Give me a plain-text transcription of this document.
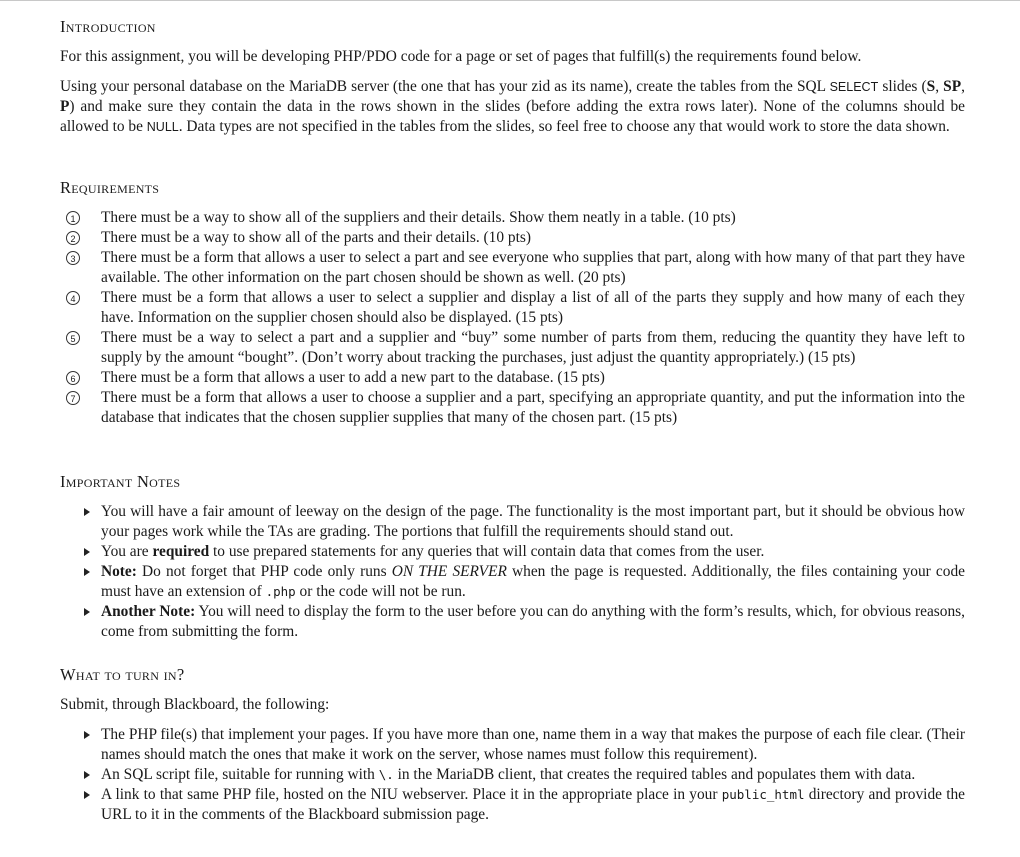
Introduction
For this assignment, you will be developing PHP/PDO code for a page or set of pages that fulfill(s) the requirements found below.
Using your personal database on the MariaDB server (the one that has your zid as its name), create the tables from the SQL SELECT slides (S, SP, P) and make sure they contain the data in the rows shown in the slides (before adding the extra rows later). None of the columns should be allowed to be NULL. Data types are not specified in the tables from the slides, so feel free to choose any that would work to store the data shown.
Requirements
1 There must be a way to show all of the suppliers and their details. Show them neatly in a table. (10 pts)
2 There must be a way to show all of the parts and their details. (10 pts)
3 There must be a form that allows a user to select a part and see everyone who supplies that part, along with how many of that part they have available. The other information on the part chosen should be shown as well. (20 pts)
4 There must be a form that allows a user to select a supplier and display a list of all of the parts they supply and how many of each they have. Information on the supplier chosen should also be displayed. (15 pts)
5 There must be a way to select a part and a supplier and “buy” some number of parts from them, reducing the quantity they have left to supply by the amount “bought”. (Don’t worry about tracking the purchases, just adjust the quantity appropriately.) (15 pts)
6 There must be a form that allows a user to add a new part to the database. (15 pts)
7 There must be a form that allows a user to choose a supplier and a part, specifying an appropriate quantity, and put the information into the database that indicates that the chosen supplier supplies that many of the chosen part. (15 pts)
Important Notes
You will have a fair amount of leeway on the design of the page. The functionality is the most important part, but it should be obvious how your pages work while the TAs are grading. The portions that fulfill the requirements should stand out.
You are required to use prepared statements for any queries that will contain data that comes from the user.
Note: Do not forget that PHP code only runs ON THE SERVER when the page is requested. Additionally, the files containing your code must have an extension of .php or the code will not be run.
Another Note: You will need to display the form to the user before you can do anything with the form’s results, which, for obvious reasons, come from submitting the form.
What to turn in?
Submit, through Blackboard, the following:
The PHP file(s) that implement your pages. If you have more than one, name them in a way that makes the purpose of each file clear. (Their names should match the ones that make it work on the server, whose names must follow this requirement).
An SQL script file, suitable for running with \. in the MariaDB client, that creates the required tables and populates them with data.
A link to that same PHP file, hosted on the NIU webserver. Place it in the appropriate place in your public_html directory and provide the URL to it in the comments of the Blackboard submission page.
